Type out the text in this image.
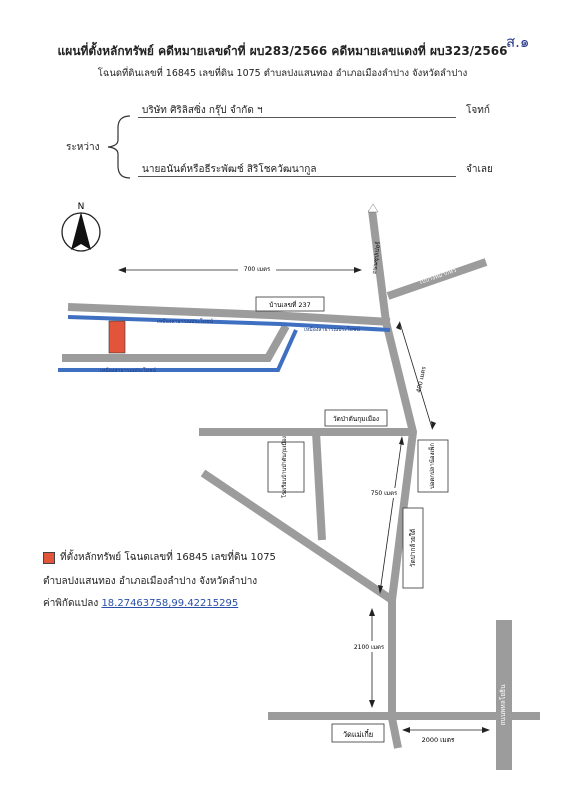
ส.๑
แผนที่ตั้งหลักทรัพย์ คดีหมายเลขดำที่ ผบ283/2566 คดีหมายเลขแดงที่ ผบ323/2566
โฉนดที่ดินเลขที่ 16845 เลขที่ดิน 1075 ตำบลปงแสนทอง อำเภอเมืองลำปาง จังหวัดลำปาง
ระหว่าง
บริษัท ศิริลิสซิ่ง กรุ๊ป จำกัด ฯ	โจทก์
นายอนันต์หรือธีระพัฒช์ สิริโชควัฒนากูล	จำเลย
N
700 เมตร
เหมืองสาธารณประโยชน์
เหมืองสาธารณประโยชน์
เหมืองสาธารณประโยชน์
บ้านเลขที่ 237
ถนนซุปเปอร์
ไปปางหมากหัว
400 เมตร
วัดป่าตันกุมเมือง
โรงเรียนบ้านป่าตันกุมเมือง	บ่อตกปลาน้องเพ็ก
750 เมตร
วัดปากล้วยใต้
2100 เมตร
วัดแม่เกี๋ย
2000 เมตร
ถนนพหลโยธิน
ที่ตั้งหลักทรัพย์ โฉนดเลขที่ 16845 เลขที่ดิน 1075
ตำบลปงแสนทอง อำเภอเมืองลำปาง จังหวัดลำปาง
ค่าพิกัดแปลง 18.27463758,99.42215295
